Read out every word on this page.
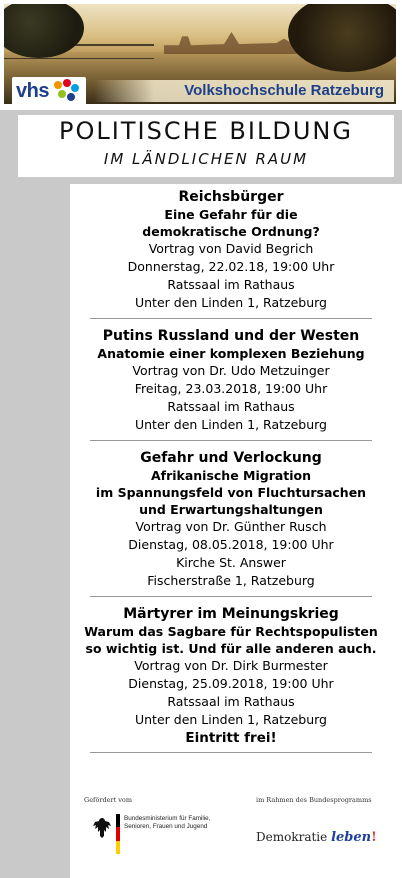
vhs	Volkshochschule Ratzeburg
POLITISCHE BILDUNG
IM LÄNDLICHEN RAUM
Reichsbürger
Eine Gefahr für die
demokratische Ordnung?
Vortrag von David Begrich
Donnerstag, 22.02.18, 19:00 Uhr
Ratssaal im Rathaus
Unter den Linden 1, Ratzeburg
Putins Russland und der Westen
Anatomie einer komplexen Beziehung
Vortrag von Dr. Udo Metzuinger
Freitag, 23.03.2018, 19:00 Uhr
Ratssaal im Rathaus
Unter den Linden 1, Ratzeburg
Gefahr und Verlockung
Afrikanische Migration
im Spannungsfeld von Fluchtursachen
und Erwartungshaltungen
Vortrag von Dr. Günther Rusch
Dienstag, 08.05.2018, 19:00 Uhr
Kirche St. Answer
Fischerstraße 1, Ratzeburg
Märtyrer im Meinungskrieg
Warum das Sagbare für Rechtspopulisten
so wichtig ist. Und für alle anderen auch.
Vortrag von Dr. Dirk Burmester
Dienstag, 25.09.2018, 19:00 Uhr
Ratssaal im Rathaus
Unter den Linden 1, Ratzeburg
Eintritt frei!
Gefördert vom	im Rahmen des Bundesprogramms
Bundesministerium für Familie, Senioren, Frauen und Jugend
Demokratie leben!
